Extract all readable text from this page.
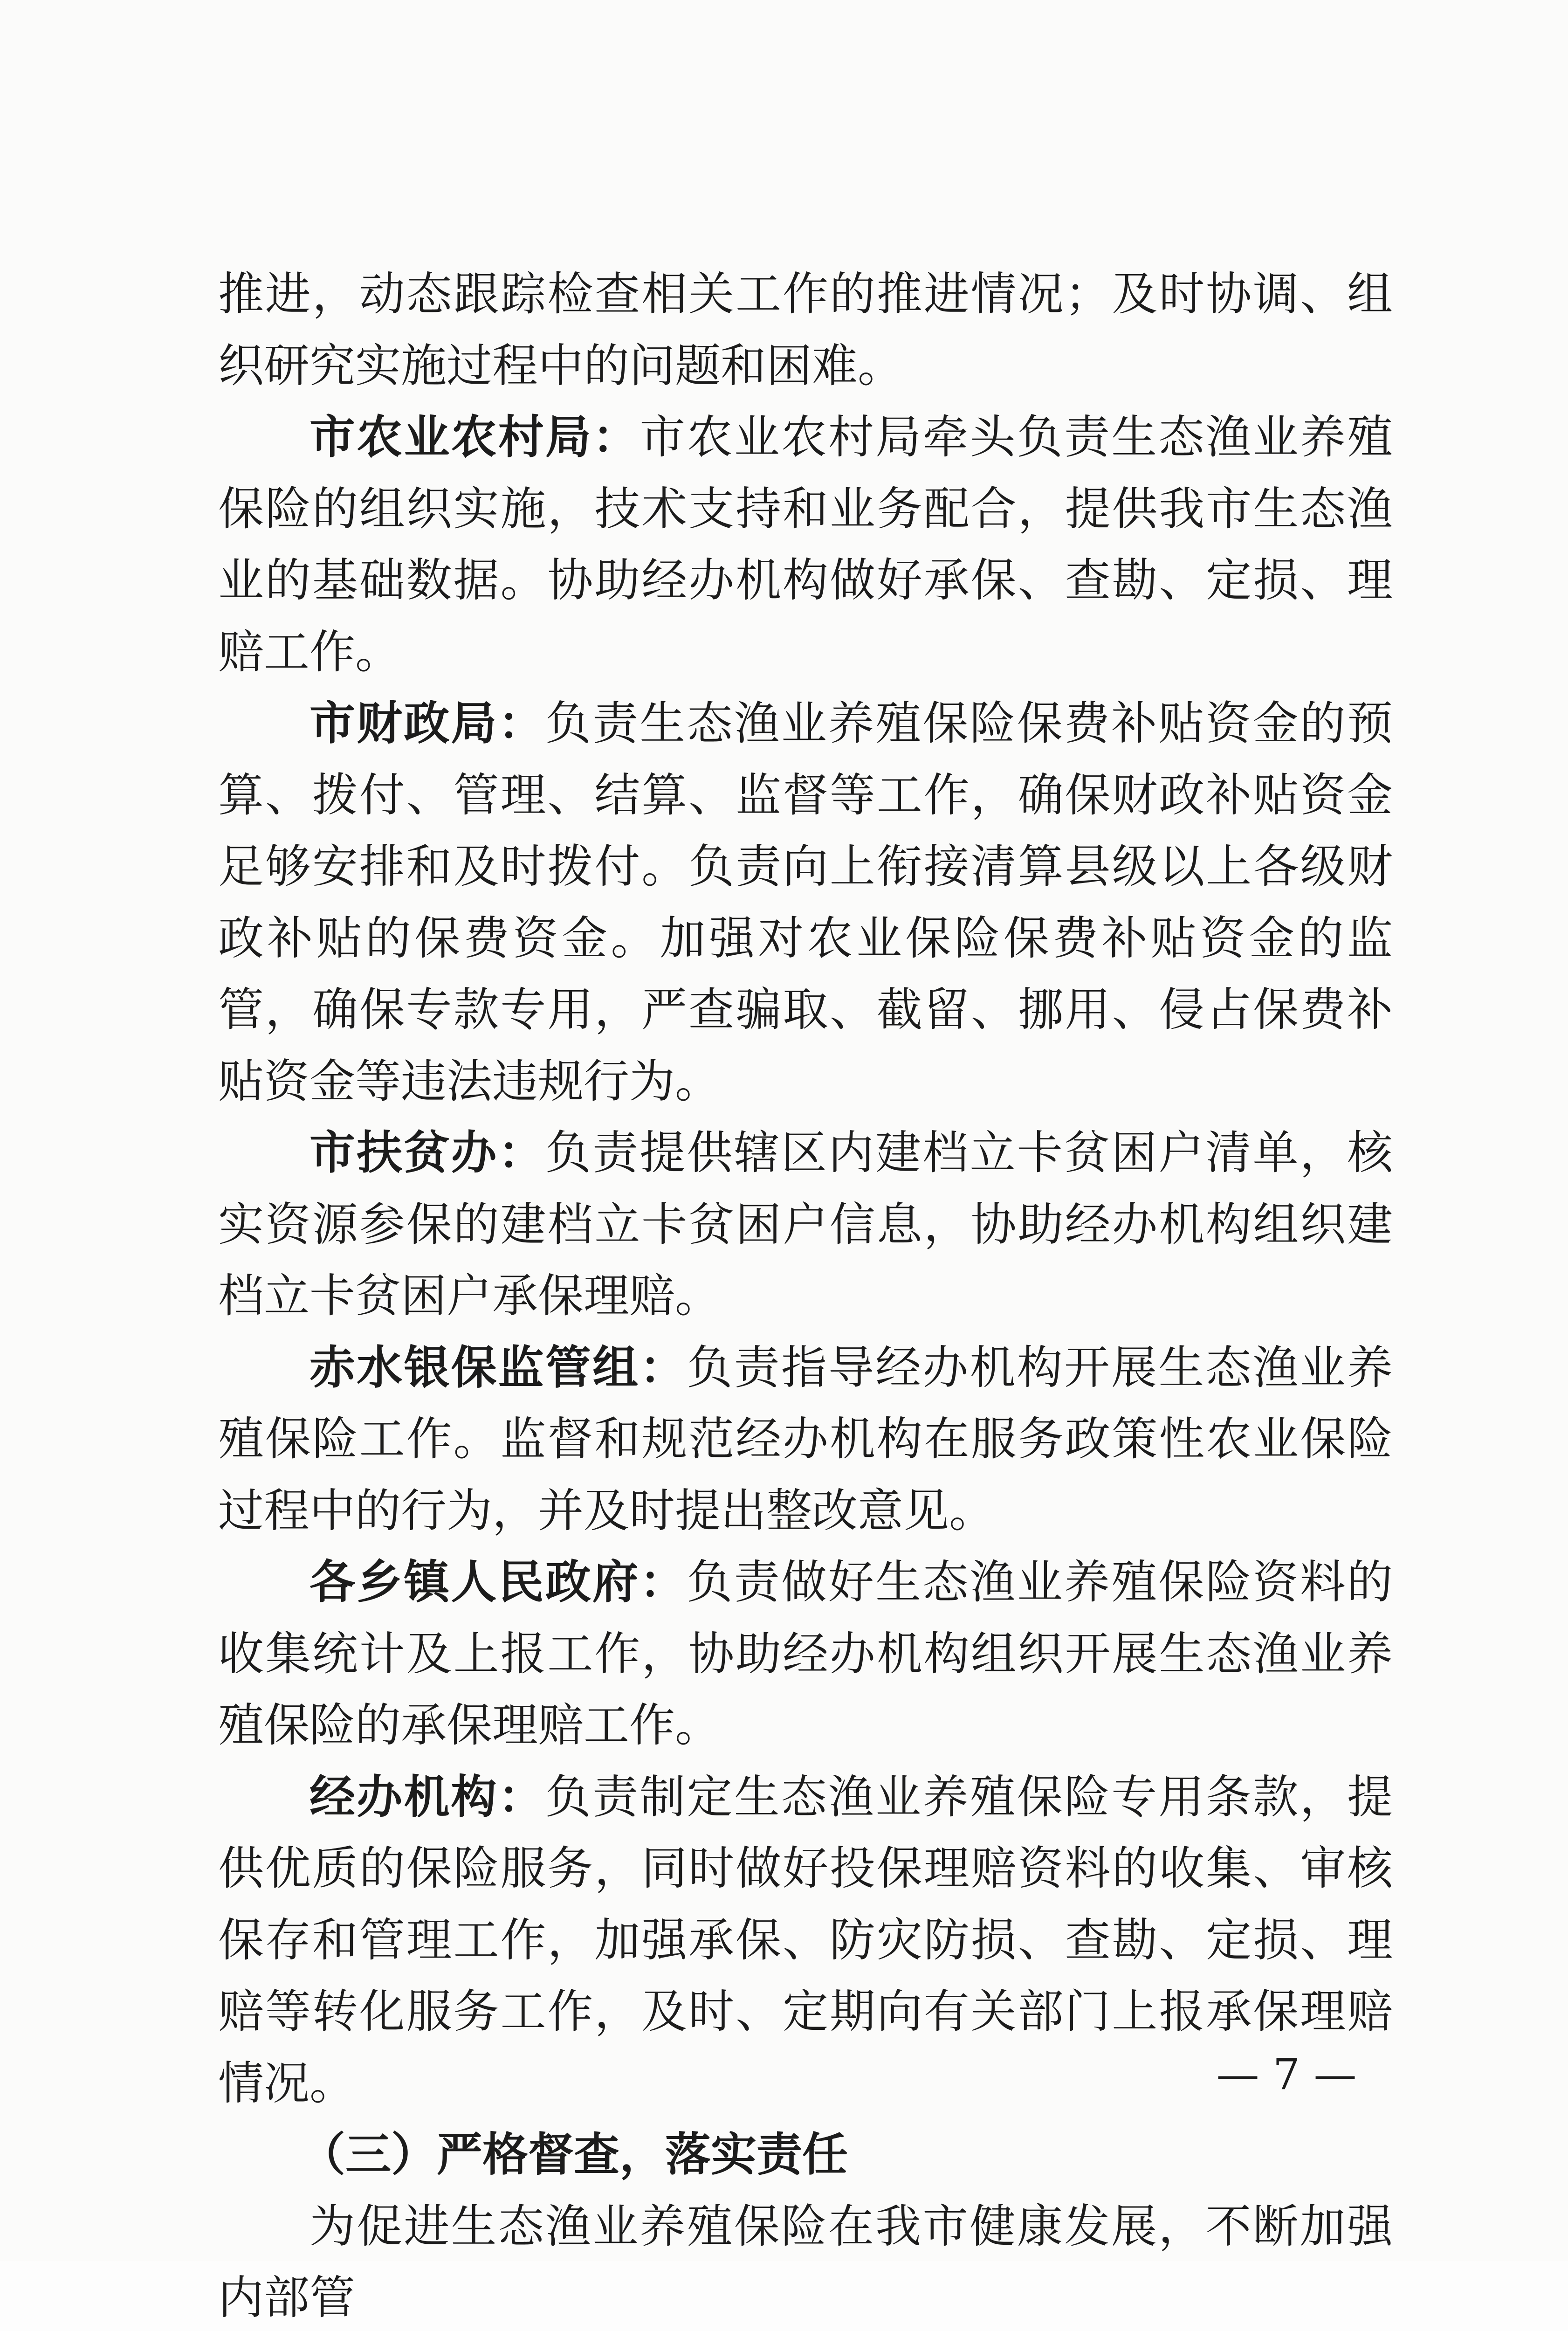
推进，动态跟踪检查相关工作的推进情况；及时协调、组织研究实施过程中的问题和困难。

市农业农村局：市农业农村局牵头负责生态渔业养殖保险的组织实施，技术支持和业务配合，提供我市生态渔业的基础数据。协助经办机构做好承保、查勘、定损、理赔工作。

市财政局：负责生态渔业养殖保险保费补贴资金的预算、拨付、管理、结算、监督等工作，确保财政补贴资金足够安排和及时拨付。负责向上衔接清算县级以上各级财政补贴的保费资金。加强对农业保险保费补贴资金的监管，确保专款专用，严查骗取、截留、挪用、侵占保费补贴资金等违法违规行为。

市扶贫办：负责提供辖区内建档立卡贫困户清单，核实资源参保的建档立卡贫困户信息，协助经办机构组织建档立卡贫困户承保理赔。

赤水银保监管组：负责指导经办机构开展生态渔业养殖保险工作。监督和规范经办机构在服务政策性农业保险过程中的行为，并及时提出整改意见。

各乡镇人民政府：负责做好生态渔业养殖保险资料的收集统计及上报工作，协助经办机构组织开展生态渔业养殖保险的承保理赔工作。

经办机构：负责制定生态渔业养殖保险专用条款，提供优质的保险服务，同时做好投保理赔资料的收集、审核保存和管理工作，加强承保、防灾防损、查勘、定损、理赔等转化服务工作，及时、定期向有关部门上报承保理赔情况。

（三）严格督查，落实责任

为促进生态渔业养殖保险在我市健康发展，不断加强内部管

— 7 —
